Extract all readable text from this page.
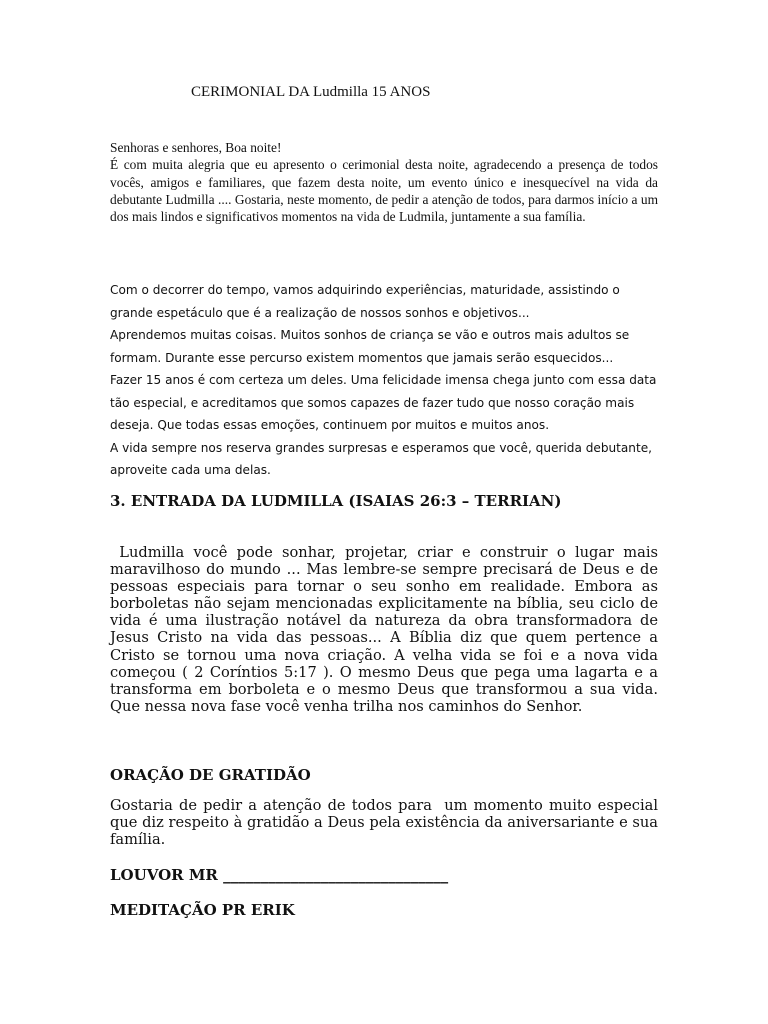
CERIMONIAL DA Ludmilla 15 ANOS

Senhoras e senhores, Boa noite!

É com muita alegria que eu apresento o cerimonial desta noite, agradecendo a presença de todos vocês, amigos e familiares, que fazem desta noite, um evento único e inesquecível na vida da debutante Ludmilla .... Gostaria, neste momento, de pedir a atenção de todos, para darmos início a um dos mais lindos e significativos momentos na vida de Ludmila, juntamente a sua família.

Com o decorrer do tempo, vamos adquirindo experiências, maturidade, assistindo o grande espetáculo que é a realização de nossos sonhos e objetivos...

Aprendemos muitas coisas. Muitos sonhos de criança se vão e outros mais adultos se formam. Durante esse percurso existem momentos que jamais serão esquecidos...

Fazer 15 anos é com certeza um deles. Uma felicidade imensa chega junto com essa data tão especial, e acreditamos que somos capazes de fazer tudo que nosso coração mais deseja. Que todas essas emoções, continuem por muitos e muitos anos.

A vida sempre nos reserva grandes surpresas e esperamos que você, querida debutante, aproveite cada uma delas.

3. ENTRADA DA LUDMILLA (ISAIAS 26:3 – TERRIAN)

Ludmilla você pode sonhar, projetar, criar e construir o lugar mais maravilhoso do mundo ... Mas lembre-se sempre precisará de Deus e de pessoas especiais para tornar o seu sonho em realidade. Embora as borboletas não sejam mencionadas explicitamente na bíblia, seu ciclo de vida é uma ilustração notável da natureza da obra transformadora de Jesus Cristo na vida das pessoas... A Bíblia diz que quem pertence a Cristo se tornou uma nova criação. A velha vida se foi e a nova vida começou ( 2 Coríntios 5:17 ). O mesmo Deus que pega uma lagarta e a transforma em borboleta e o mesmo Deus que transformou a sua vida. Que nessa nova fase você venha trilha nos caminhos do Senhor.

ORAÇÃO DE GRATIDÃO

Gostaria de pedir a atenção de todos para  um momento muito especial que diz respeito à gratidão a Deus pela existência da aniversariante e sua família.

LOUVOR MR ______________________________
MEDITAÇÃO PR ERIK
